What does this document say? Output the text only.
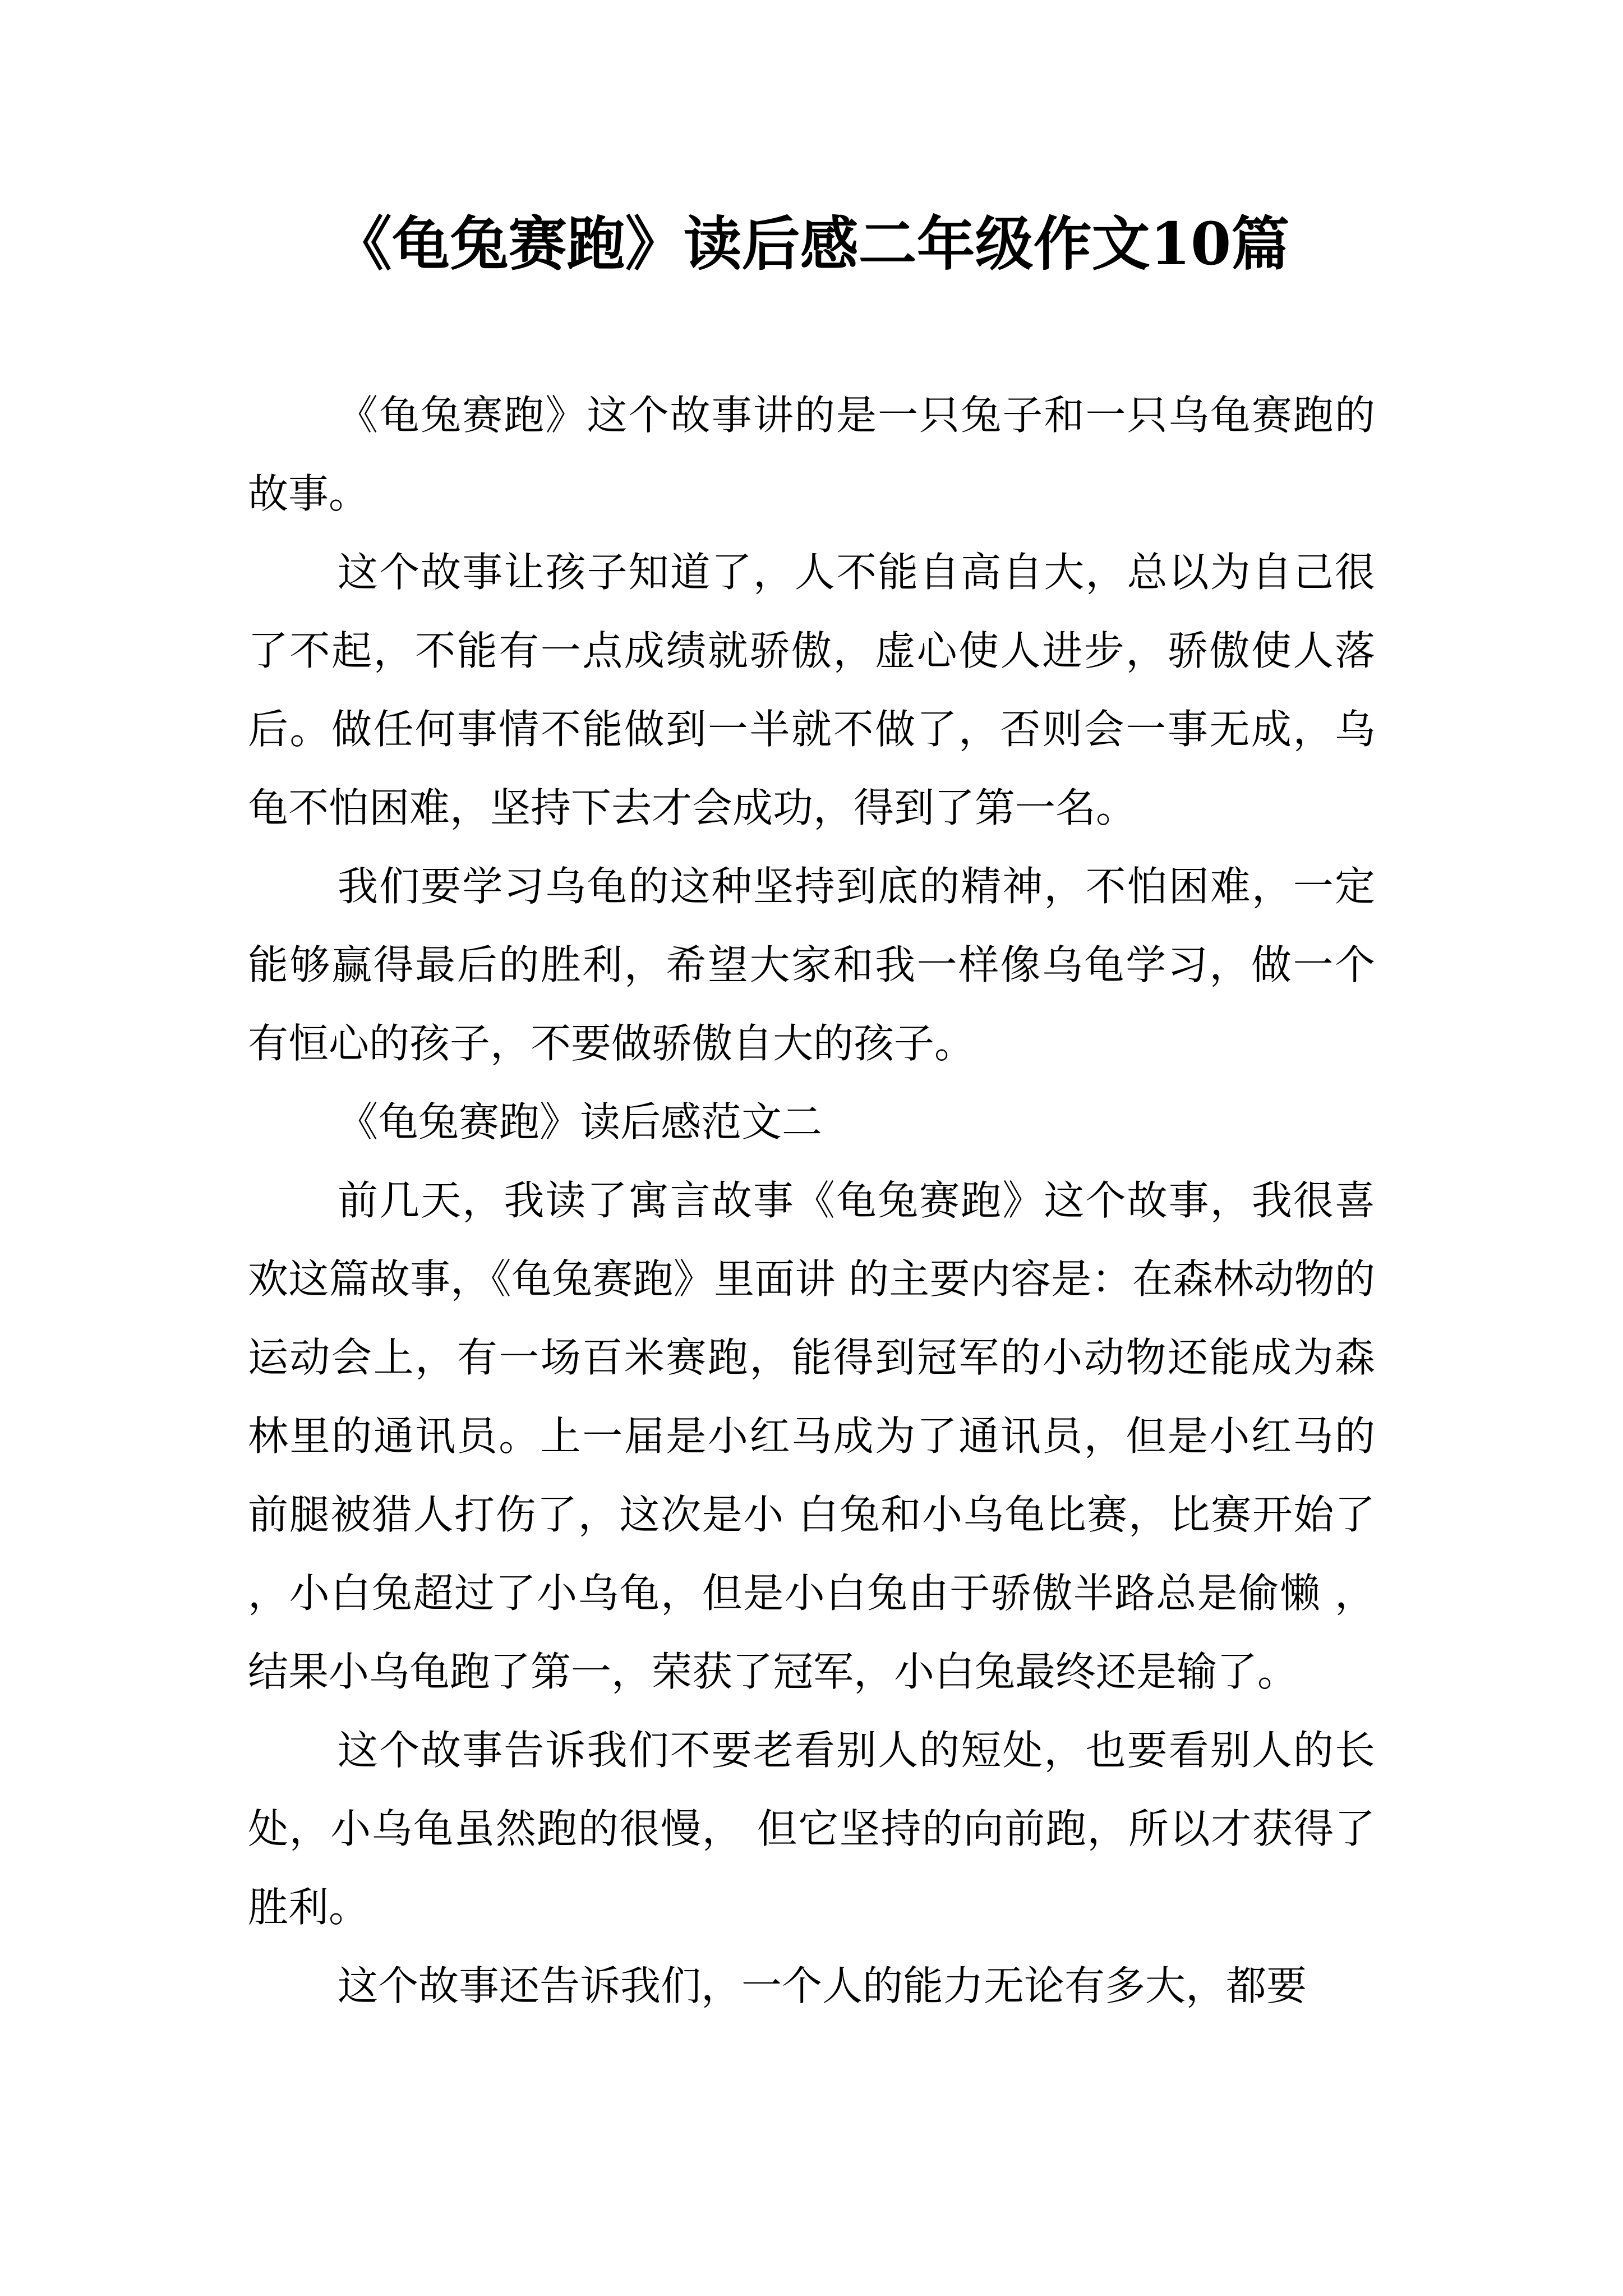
《龟兔赛跑》读后感二年级作文10篇

《龟兔赛跑》这个故事讲的是一只兔子和一只乌龟赛跑的故事。

这个故事让孩子知道了，人不能自高自大，总以为自己很了不起，不能有一点成绩就骄傲，虚心使人进步，骄傲使人落后。做任何事情不能做到一半就不做了，否则会一事无成，乌龟不怕困难，坚持下去才会成功，得到了第一名。

我们要学习乌龟的这种坚持到底的精神，不怕困难，一定能够赢得最后的胜利，希望大家和我一样像乌龟学习，做一个有恒心的孩子，不要做骄傲自大的孩子。

《龟兔赛跑》读后感范文二

前几天，我读了寓言故事《龟兔赛跑》这个故事，我很喜欢这篇故事，《龟兔赛跑》里面讲 的主要内容是：在森林动物的运动会上，有一场百米赛跑，能得到冠军的小动物还能成为森 林里的通讯员。上一届是小红马成为了通讯员，但是小红马的前腿被猎人打伤了，这次是小 白兔和小乌龟比赛，比赛开始了，小白兔超过了小乌龟，但是小白兔由于骄傲半路总是偷懒 ，结果小乌龟跑了第一，荣获了冠军，小白兔最终还是输了。

这个故事告诉我们不要老看别人的短处，也要看别人的长处，小乌龟虽然跑的很慢， 但它坚持的向前跑，所以才获得了胜利。

这个故事还告诉我们，一个人的能力无论有多大，都要
